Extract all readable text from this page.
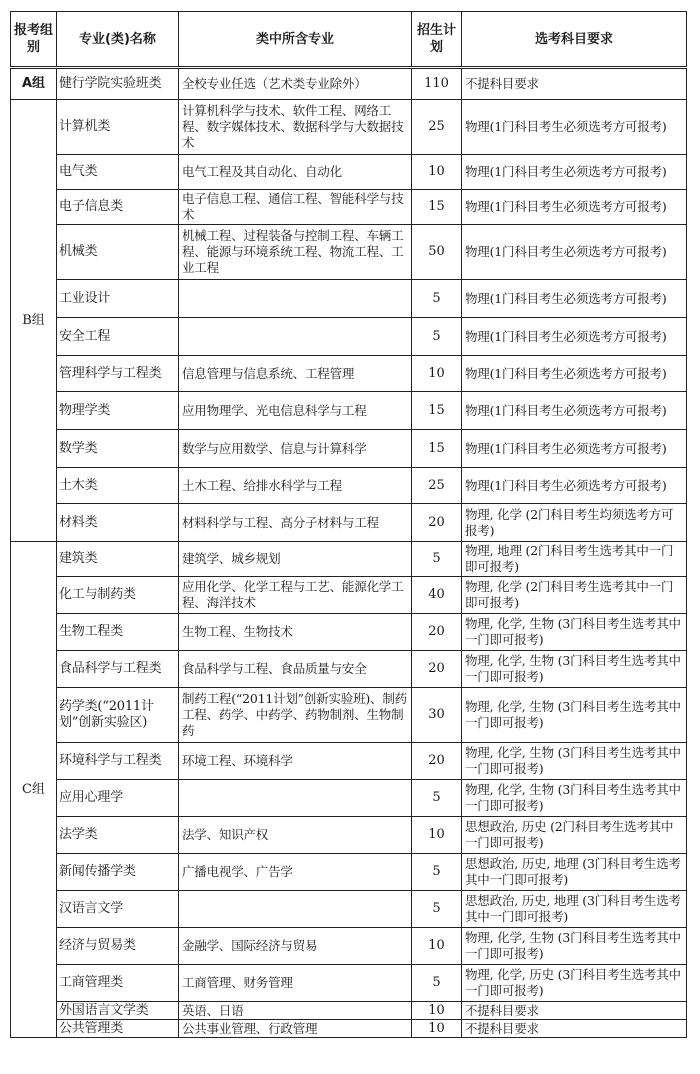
报考组别	专业(类)名称	类中所含专业	招生计划	选考科目要求
A组	健行学院实验班类	全校专业任选（艺术类专业除外）	110	不提科目要求
B组	计算机类	计算机科学与技术、软件工程、网络工程、数字媒体技术、数据科学与大数据技术	25	物理(1门科目考生必须选考方可报考)
	电气类	电气工程及其自动化、自动化	10	物理(1门科目考生必须选考方可报考)
	电子信息类	电子信息工程、通信工程、智能科学与技术	15	物理(1门科目考生必须选考方可报考)
	机械类	机械工程、过程装备与控制工程、车辆工程、能源与环境系统工程、物流工程、工业工程	50	物理(1门科目考生必须选考方可报考)
	工业设计		5	物理(1门科目考生必须选考方可报考)
	安全工程		5	物理(1门科目考生必须选考方可报考)
	管理科学与工程类	信息管理与信息系统、工程管理	10	物理(1门科目考生必须选考方可报考)
	物理学类	应用物理学、光电信息科学与工程	15	物理(1门科目考生必须选考方可报考)
	数学类	数学与应用数学、信息与计算科学	15	物理(1门科目考生必须选考方可报考)
	土木类	土木工程、给排水科学与工程	25	物理(1门科目考生必须选考方可报考)
	材料类	材料科学与工程、高分子材料与工程	20	物理, 化学 (2门科目考生均须选考方可报考)
C组	建筑类	建筑学、城乡规划	5	物理, 地理 (2门科目考生选考其中一门即可报考)
	化工与制药类	应用化学、化学工程与工艺、能源化学工程、海洋技术	40	物理, 化学 (2门科目考生选考其中一门即可报考)
	生物工程类	生物工程、生物技术	20	物理, 化学, 生物 (3门科目考生选考其中一门即可报考)
	食品科学与工程类	食品科学与工程、食品质量与安全	20	物理, 化学, 生物 (3门科目考生选考其中一门即可报考)
	药学类(“2011计划”创新实验区)	制药工程(“2011计划”创新实验班)、制药工程、药学、中药学、药物制剂、生物制药	30	物理, 化学, 生物 (3门科目考生选考其中一门即可报考)
	环境科学与工程类	环境工程、环境科学	20	物理, 化学, 生物 (3门科目考生选考其中一门即可报考)
	应用心理学		5	物理, 化学, 生物 (3门科目考生选考其中一门即可报考)
	法学类	法学、知识产权	10	思想政治, 历史 (2门科目考生选考其中一门即可报考)
	新闻传播学类	广播电视学、广告学	5	思想政治, 历史, 地理 (3门科目考生选考其中一门即可报考)
	汉语言文学		5	思想政治, 历史, 地理 (3门科目考生选考其中一门即可报考)
	经济与贸易类	金融学、国际经济与贸易	10	物理, 化学, 生物 (3门科目考生选考其中一门即可报考)
	工商管理类	工商管理、财务管理	5	物理, 化学, 历史 (3门科目考生选考其中一门即可报考)
	外国语言文学类	英语、日语	10	不提科目要求
	公共管理类	公共事业管理、行政管理	10	不提科目要求
